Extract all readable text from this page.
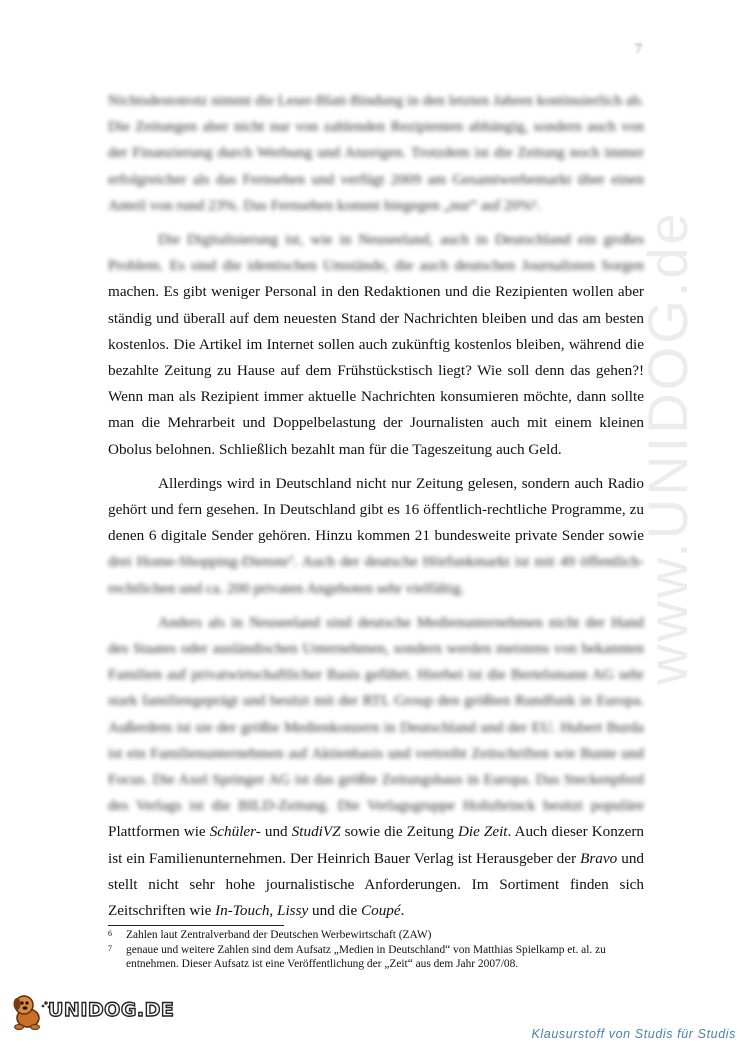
7
www.UNIDOG.de

Nichtsdestotrotz nimmt die Leser-Blatt-Bindung in den letzten Jahren kontinuierlich ab. Die Zeitungen aber nicht nur von zahlenden Rezipienten abhängig, sondern auch von der Finanzierung durch Werbung und Anzeigen. Trotzdem ist die Zeitung noch immer erfolgreicher als das Fernsehen und verfügt 2009 am Gesamtwerbemarkt über einen Anteil von rund 23%. Das Fernsehen kommt hingegen „nur“ auf 20%⁶.

Die Digitalisierung ist, wie in Neuseeland, auch in Deutschland ein großes Problem. Es sind die identischen Umstände, die auch deutschen Journalisten Sorgen machen. Es gibt weniger Personal in den Redaktionen und die Rezipienten wollen aber ständig und überall auf dem neuesten Stand der Nachrichten bleiben und das am besten kostenlos. Die Artikel im Internet sollen auch zukünftig kostenlos bleiben, während die bezahlte Zeitung zu Hause auf dem Frühstückstisch liegt? Wie soll denn das gehen?! Wenn man als Rezipient immer aktuelle Nachrichten konsumieren möchte, dann sollte man die Mehrarbeit und Doppelbelastung der Journalisten auch mit einem kleinen Obolus belohnen. Schließlich bezahlt man für die Tageszeitung auch Geld.

Allerdings wird in Deutschland nicht nur Zeitung gelesen, sondern auch Radio gehört und fern gesehen. In Deutschland gibt es 16 öffentlich-rechtliche Programme, zu denen 6 digitale Sender gehören. Hinzu kommen 21 bundesweite private Sender sowie drei Home-Shopping-Dienste⁷. Auch der deutsche Hörfunkmarkt ist mit 49 öffentlich-rechtlichen und ca. 200 privaten Angeboten sehr vielfältig.

Anders als in Neuseeland sind deutsche Medienunternehmen nicht der Hand des Staates oder ausländischen Unternehmen, sondern werden meistens von bekannten Familien auf privatwirtschaftlicher Basis geführt. Hierbei ist die Bertelsmann AG sehr stark familiengeprägt und besitzt mit der RTL Group den größten Rundfunk in Europa. Außerdem ist sie der größte Medienkonzern in Deutschland und der EU. Hubert Burda ist ein Familienunternehmen auf Aktienbasis und vertreibt Zeitschriften wie Bunte und Focus. Die Axel Springer AG ist das größte Zeitungshaus in Europa. Das Steckenpferd des Verlags ist die BILD-Zeitung. Die Verlagsgruppe Holtzbrinck besitzt populäre Plattformen wie Schüler- und StudiVZ sowie die Zeitung Die Zeit. Auch dieser Konzern ist ein Familienunternehmen. Der Heinrich Bauer Verlag ist Herausgeber der Bravo und stellt nicht sehr hohe journalistische Anforderungen. Im Sortiment finden sich Zeitschriften wie In-Touch, Lissy und die Coupé.

6 Zahlen laut Zentralverband der Deutschen Werbewirtschaft (ZAW)
7 genaue und weitere Zahlen sind dem Aufsatz „Medien in Deutschland“ von Matthias Spielkamp et. al. zu entnehmen. Dieser Aufsatz ist eine Veröffentlichung der „Zeit“ aus dem Jahr 2007/08.
UNIDOG.DE
Klausurstoff von Studis für Studis
